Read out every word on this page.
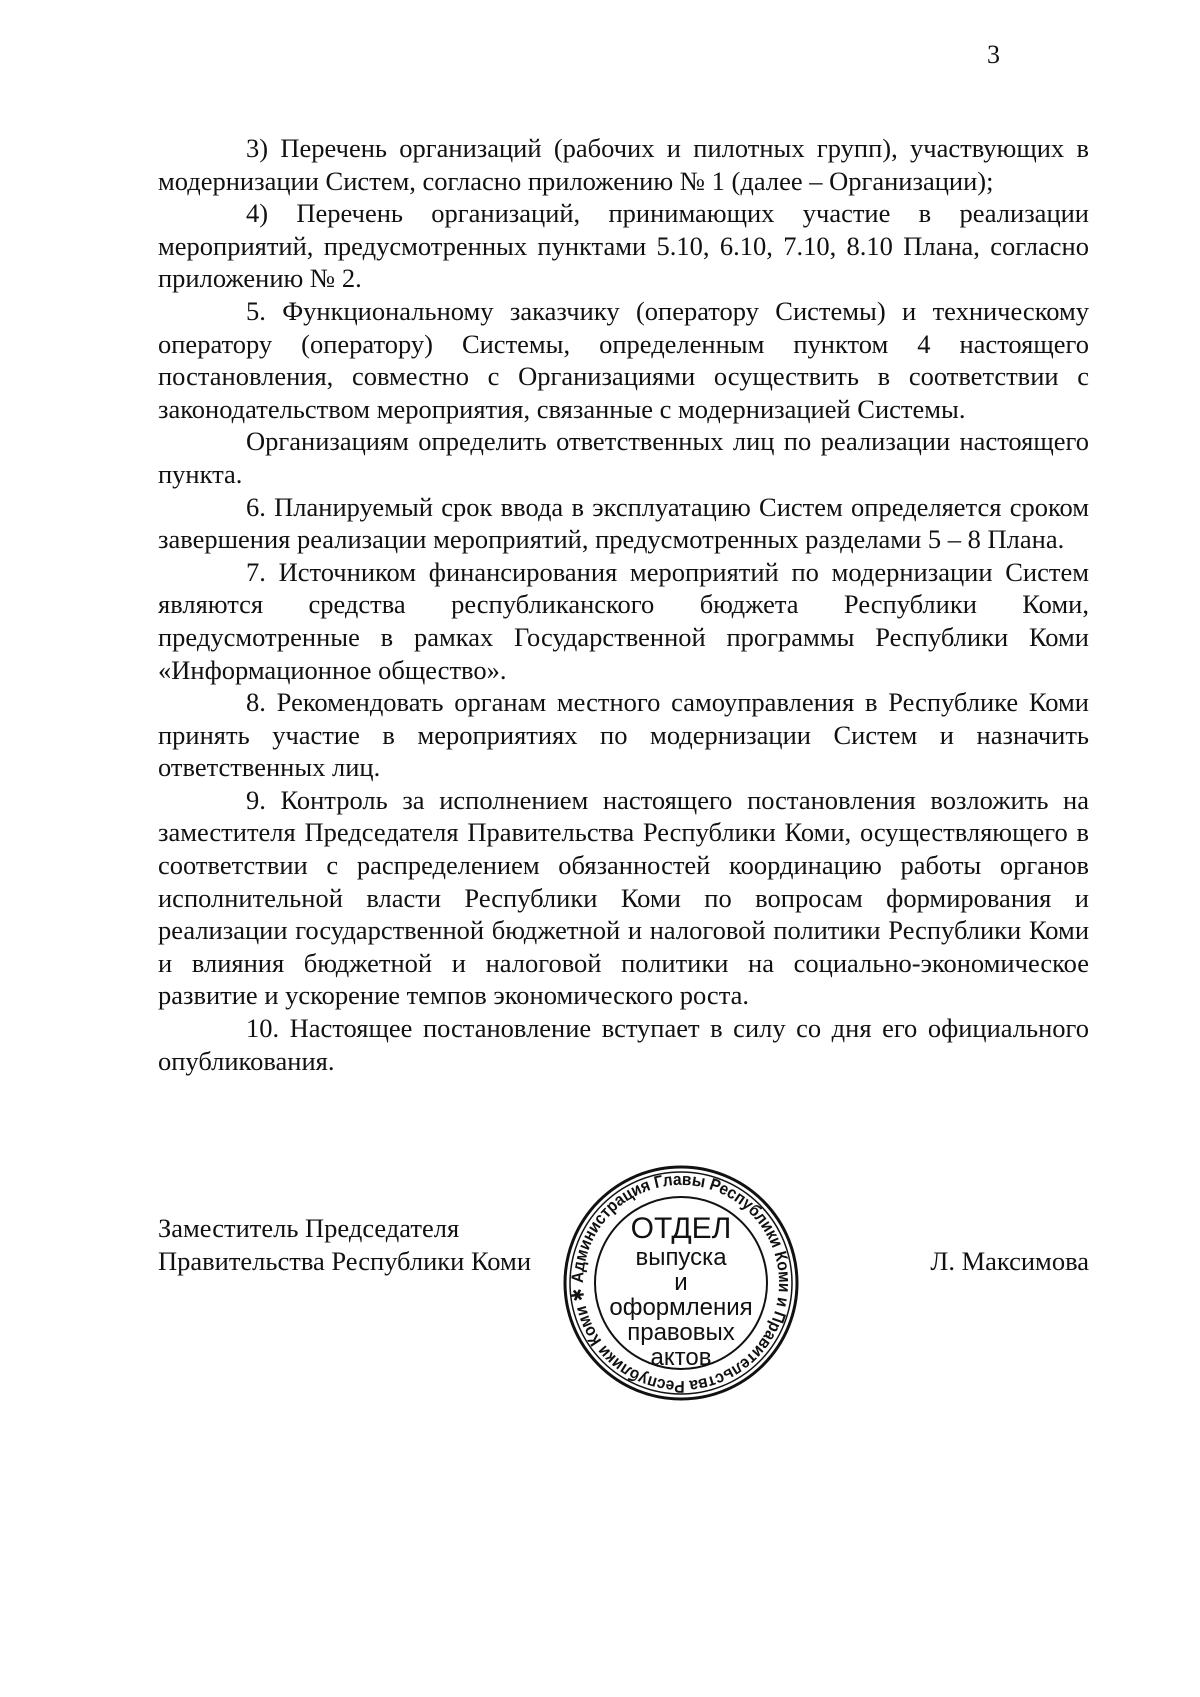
3

3) Перечень организаций (рабочих и пилотных групп), участвующих в модернизации Систем, согласно приложению № 1 (далее – Организации);

4) Перечень организаций, принимающих участие в реализации мероприятий, предусмотренных пунктами 5.10, 6.10, 7.10, 8.10 Плана, согласно приложению № 2.

5. Функциональному заказчику (оператору Системы) и техническому оператору (оператору) Системы, определенным пунктом 4 настоящего постановления, совместно с Организациями осуществить в соответствии с законодательством мероприятия, связанные с модернизацией Системы.

Организациям определить ответственных лиц по реализации настоящего пункта.

6. Планируемый срок ввода в эксплуатацию Систем определяется сроком завершения реализации мероприятий, предусмотренных разделами 5 – 8 Плана.

7. Источником финансирования мероприятий по модернизации Систем являются средства республиканского бюджета Республики Коми, предусмотренные в рамках Государственной программы Республики Коми «Информационное общество».

8. Рекомендовать органам местного самоуправления в Республике Коми принять участие в мероприятиях по модернизации Систем и назначить ответственных лиц.

9. Контроль за исполнением настоящего постановления возложить на заместителя Председателя Правительства Республики Коми, осуществляющего в соответствии с распределением обязанностей координацию работы органов исполнительной власти Республики Коми по вопросам формирования и реализации государственной бюджетной и налоговой политики Республики Коми и влияния бюджетной и налоговой политики на социально-экономическое развитие и ускорение темпов экономического роста.

10. Настоящее постановление вступает в силу со дня его официального опубликования.

Заместитель Председателя
Правительства Республики Коми	Л. Максимова
Администрация Главы Республики Коми и Правительства Республики Коми ✱
ОТДЕЛ
выпуска
и оформления
правовых
актов
